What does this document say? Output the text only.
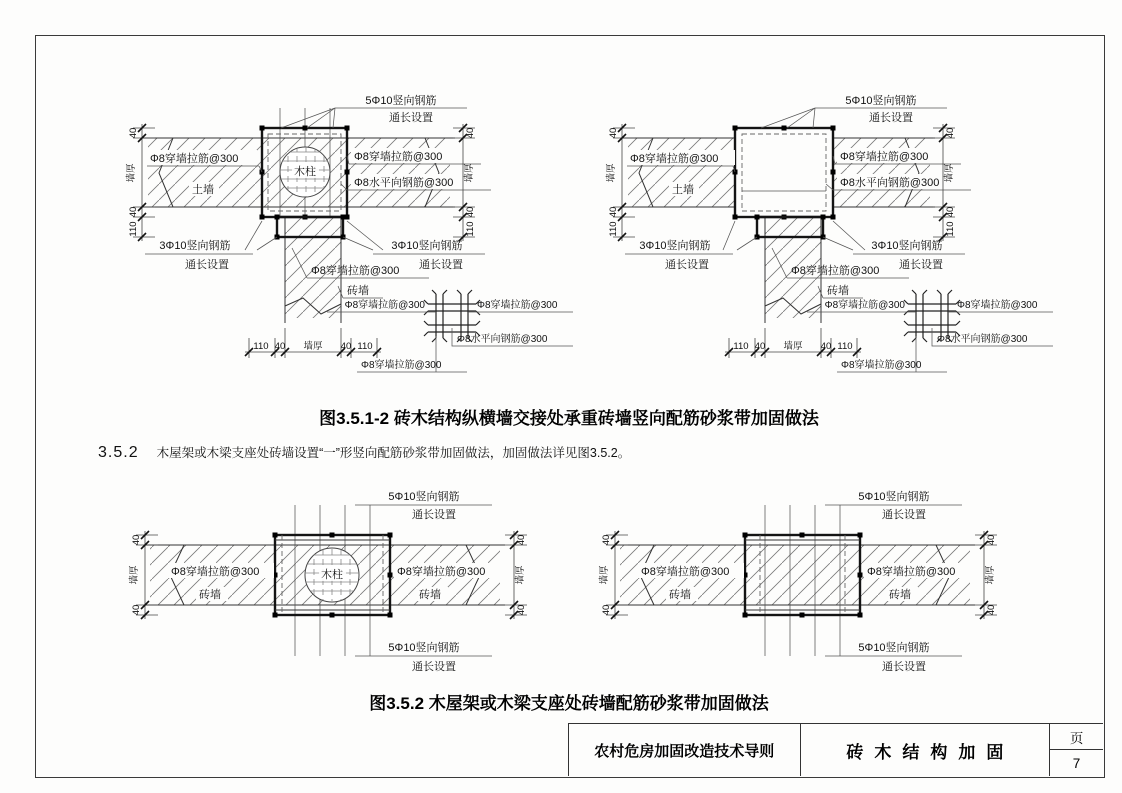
木柱
5Φ10竖向钢筋
通长设置
Φ8穿墙拉筋@300
土墙
Φ8穿墙拉筋@300
Φ8水平向钢筋@300
3Φ10竖向钢筋
通长设置
3Φ10竖向钢筋
通长设置
Φ8穿墙拉筋@300
砖墙
40
墙厚
40
110
40
墙厚
40
110
110 40 墙厚 40 110
Φ8穿墙拉筋@300	Φ8穿墙拉筋@300
Φ8水平向钢筋@300
Φ8穿墙拉筋@300
5Φ10竖向钢筋
通长设置
Φ8穿墙拉筋@300
土墙
Φ8穿墙拉筋@300
Φ8水平向钢筋@300
3Φ10竖向钢筋
通长设置
3Φ10竖向钢筋
通长设置
Φ8穿墙拉筋@300
砖墙
40
墙厚
40
110
40
墙厚
40
110
110 40 墙厚 40 110
Φ8穿墙拉筋@300	Φ8穿墙拉筋@300
Φ8水平向钢筋@300
Φ8穿墙拉筋@300
图3.5.1-2 砖木结构纵横墙交接处承重砖墙竖向配筋砂浆带加固做法
3.5.2 木屋架或木梁支座处砖墙设置“一”形竖向配筋砂浆带加固做法，加固做法详见图3.5.2。
木柱
5Φ10竖向钢筋
通长设置
5Φ10竖向钢筋
通长设置
Φ8穿墙拉筋@300	Φ8穿墙拉筋@300
砖墙	砖墙
40
墙厚
40
40
墙厚
40
5Φ10竖向钢筋
通长设置
5Φ10竖向钢筋
通长设置
Φ8穿墙拉筋@300	Φ8穿墙拉筋@300
砖墙	砖墙
40
墙厚
40
40
墙厚
40
图3.5.2 木屋架或木梁支座处砖墙配筋砂浆带加固做法
农村危房加固改造技术导则	砖木结构加固
页
7
